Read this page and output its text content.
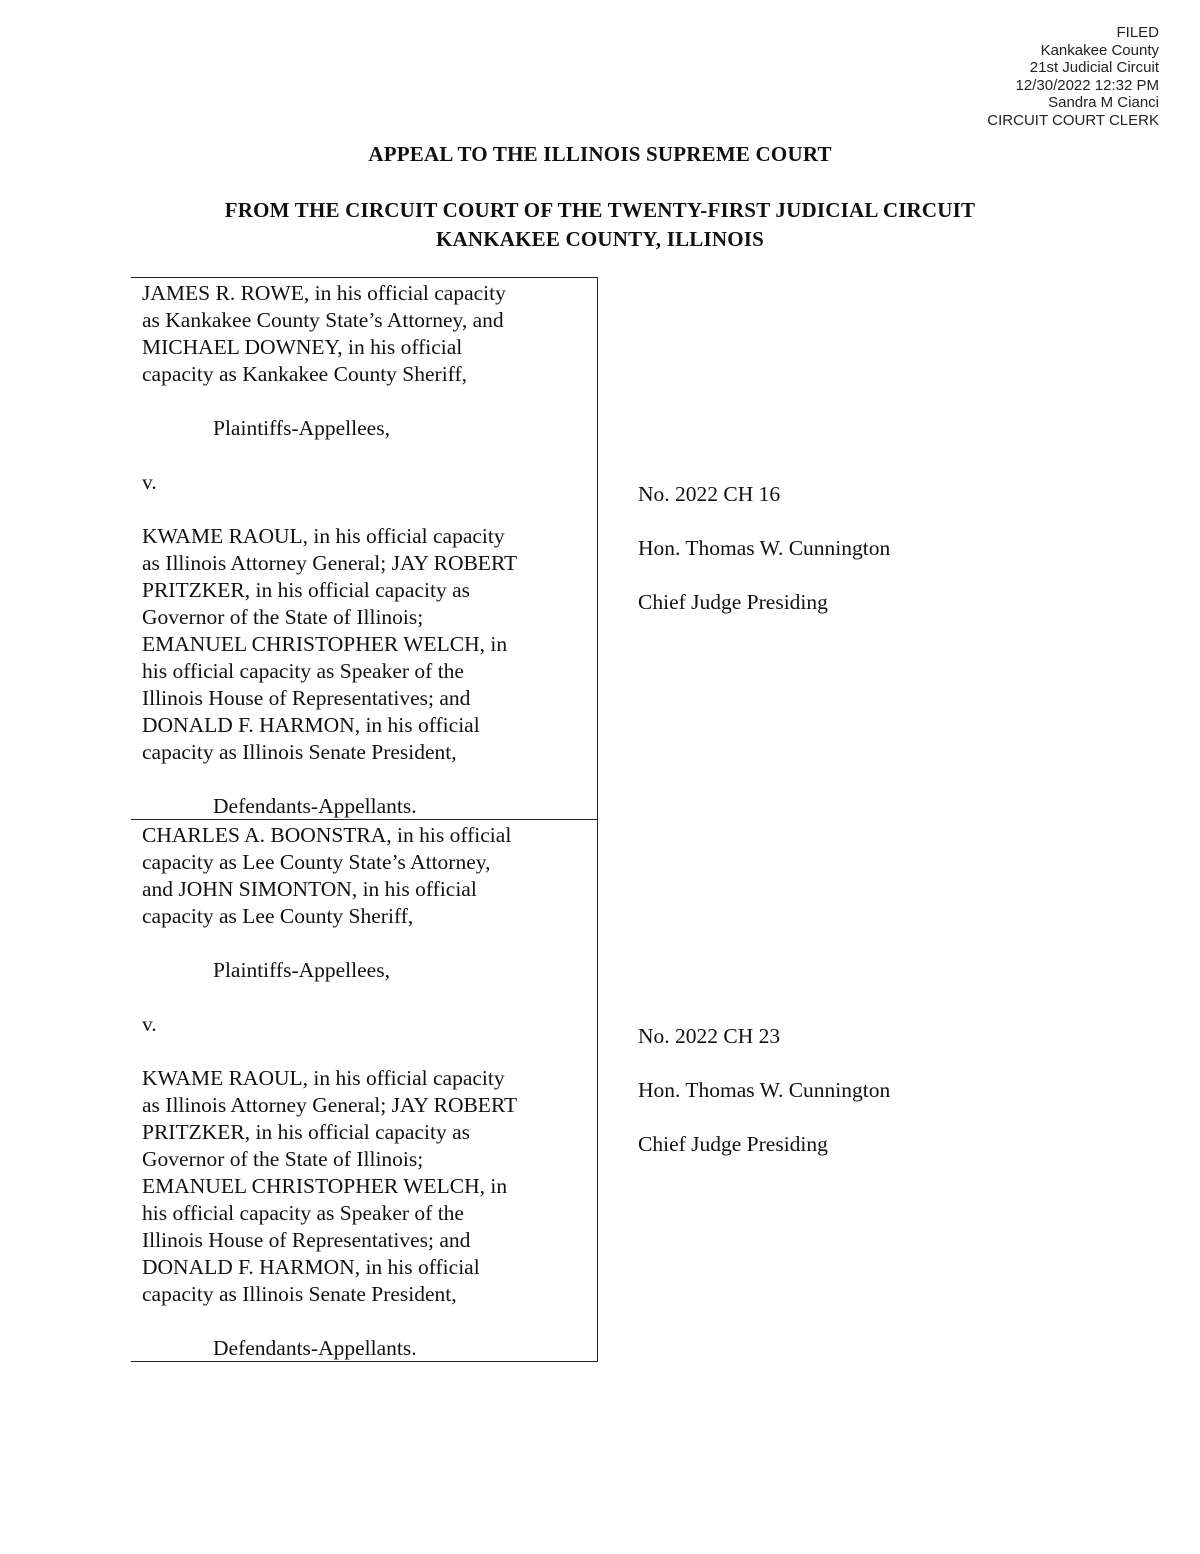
FILED
Kankakee County
21st Judicial Circuit
12/30/2022 12:32 PM
Sandra M Cianci
CIRCUIT COURT CLERK
APPEAL TO THE ILLINOIS SUPREME COURT
FROM THE CIRCUIT COURT OF THE TWENTY-FIRST JUDICIAL CIRCUIT
KANKAKEE COUNTY, ILLINOIS
JAMES R. ROWE, in his official capacity
as Kankakee County State’s Attorney, and
MICHAEL DOWNEY, in his official
capacity as Kankakee County Sheriff,
Plaintiffs-Appellees,
v.
KWAME RAOUL, in his official capacity
as Illinois Attorney General; JAY ROBERT
PRITZKER, in his official capacity as
Governor of the State of Illinois;
EMANUEL CHRISTOPHER WELCH, in
his official capacity as Speaker of the
Illinois House of Representatives; and
DONALD F. HARMON, in his official
capacity as Illinois Senate President,
Defendants-Appellants.
No. 2022 CH 16
Hon. Thomas W. Cunnington
Chief Judge Presiding
CHARLES A. BOONSTRA, in his official
capacity as Lee County State’s Attorney,
and JOHN SIMONTON, in his official
capacity as Lee County Sheriff,
Plaintiffs-Appellees,
v.
KWAME RAOUL, in his official capacity
as Illinois Attorney General; JAY ROBERT
PRITZKER, in his official capacity as
Governor of the State of Illinois;
EMANUEL CHRISTOPHER WELCH, in
his official capacity as Speaker of the
Illinois House of Representatives; and
DONALD F. HARMON, in his official
capacity as Illinois Senate President,
Defendants-Appellants.
No. 2022 CH 23
Hon. Thomas W. Cunnington
Chief Judge Presiding
